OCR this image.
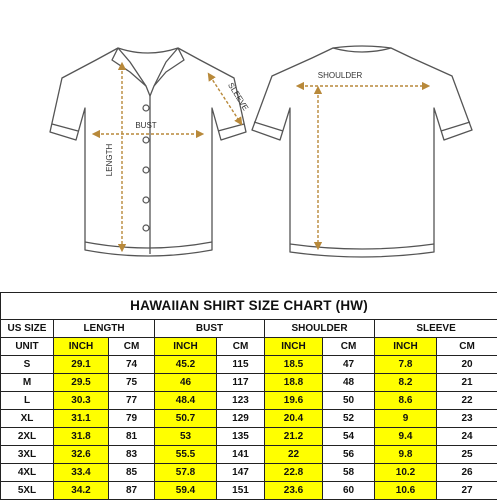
BUST
LENGTH
SLEEVE
SHOULDER
HAWAIIAN SHIRT SIZE CHART (HW)								
US SIZE	LENGTH		BUST		SHOULDER		SLEEVE	
UNIT	INCH	CM	INCH	CM	INCH	CM	INCH	CM
S	29.1	74	45.2	115	18.5	47	7.8	20
M	29.5	75	46	117	18.8	48	8.2	21
L	30.3	77	48.4	123	19.6	50	8.6	22
XL	31.1	79	50.7	129	20.4	52	9	23
2XL	31.8	81	53	135	21.2	54	9.4	24
3XL	32.6	83	55.5	141	22	56	9.8	25
4XL	33.4	85	57.8	147	22.8	58	10.2	26
5XL	34.2	87	59.4	151	23.6	60	10.6	27
